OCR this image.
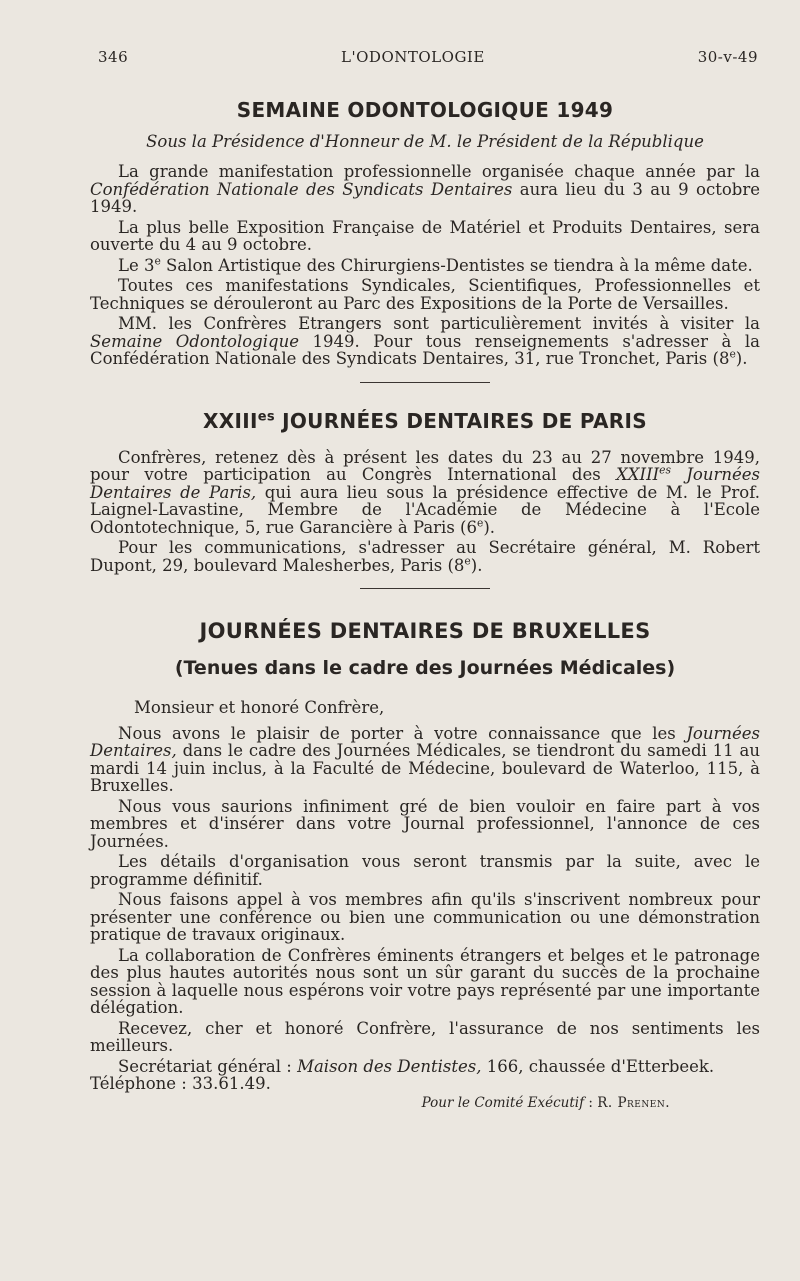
346	L'ODONTOLOGIE	30-v-49
SEMAINE ODONTOLOGIQUE 1949
Sous la Présidence d'Honneur de M. le Président de la République

La grande manifestation professionnelle organisée chaque année par la Confédération Nationale des Syndicats Dentaires aura lieu du 3 au 9 octobre 1949.

La plus belle Exposition Française de Matériel et Produits Dentaires, sera ouverte du 4 au 9 octobre.

Le 3e Salon Artistique des Chirurgiens-Dentistes se tiendra à la même date.

Toutes ces manifestations Syndicales, Scientifiques, Professionnelles et Techniques se dérouleront au Parc des Expositions de la Porte de Versailles.

MM. les Confrères Etrangers sont particulièrement invités à visiter la Semaine Odontologique 1949. Pour tous renseignements s'adresser à la Confédération Nationale des Syndicats Dentaires, 31, rue Tronchet, Paris (8e).

$XXIII^{es}$ JOURNÉES DENTAIRES DE PARIS

Confrères, retenez dès à présent les dates du 23 au 27 novembre 1949, pour votre participation au Congrès International des $XXIII^{es}$ Journées Dentaires de Paris, qui aura lieu sous la présidence effective de M. le Prof. Laignel-Lavastine, Membre de l'Académie de Médecine à l'Ecole Odontotechnique, 5, rue Garancière à Paris (6e).

Pour les communications, s'adresser au Secrétaire général, M. Robert Dupont, 29, boulevard Malesherbes, Paris (8e).

JOURNÉES DENTAIRES DE BRUXELLES
(Tenues dans le cadre des Journées Médicales)

Monsieur et honoré Confrère,

Nous avons le plaisir de porter à votre connaissance que les Journées Dentaires, dans le cadre des Journées Médicales, se tiendront du samedi 11 au mardi 14 juin inclus, à la Faculté de Médecine, boulevard de Waterloo, 115, à Bruxelles.

Nous vous saurions infiniment gré de bien vouloir en faire part à vos membres et d'insérer dans votre Journal professionnel, l'annonce de ces Journées.

Les détails d'organisation vous seront transmis par la suite, avec le programme définitif.

Nous faisons appel à vos membres afin qu'ils s'inscrivent nombreux pour présenter une conférence ou bien une communication ou une démonstration pratique de travaux originaux.

La collaboration de Confrères éminents étrangers et belges et le patronage des plus hautes autorités nous sont un sûr garant du succès de la prochaine session à laquelle nous espérons voir votre pays représenté par une importante délégation.

Recevez, cher et honoré Confrère, l'assurance de nos sentiments les meilleurs.

Secrétariat général : Maison des Dentistes, 166, chaussée d'Etterbeek.

Téléphone : 33.61.49.

Pour le Comité Exécutif : R. Prenen.
